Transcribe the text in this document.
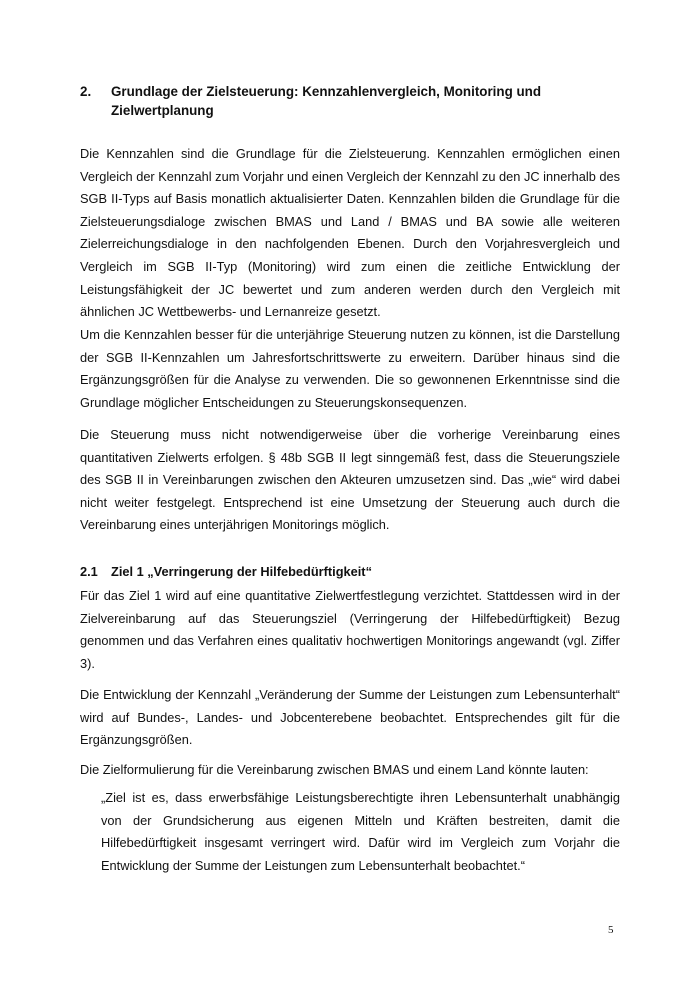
2. Grundlage der Zielsteuerung: Kennzahlenvergleich, Monitoring und Zielwertplanung

Die Kennzahlen sind die Grundlage für die Zielsteuerung. Kennzahlen ermöglichen einen Vergleich der Kennzahl zum Vorjahr und einen Vergleich der Kennzahl zu den JC innerhalb des SGB II-Typs auf Basis monatlich aktualisierter Daten. Kennzahlen bilden die Grundlage für die Zielsteuerungsdialoge zwischen BMAS und Land / BMAS und BA sowie alle weiteren Zielerreichungsdialoge in den nachfolgenden Ebenen. Durch den Vorjahresvergleich und Vergleich im SGB II-Typ (Monitoring) wird zum einen die zeitliche Entwicklung der Leistungsfähigkeit der JC bewertet und zum anderen werden durch den Vergleich mit ähnlichen JC Wettbewerbs- und Lernanreize gesetzt.

Um die Kennzahlen besser für die unterjährige Steuerung nutzen zu können, ist die Darstellung der SGB II-Kennzahlen um Jahresfortschrittswerte zu erweitern. Darüber hinaus sind die Ergänzungsgrößen für die Analyse zu verwenden. Die so gewonnenen Erkenntnisse sind die Grundlage möglicher Entscheidungen zu Steuerungskonsequenzen.

Die Steuerung muss nicht notwendigerweise über die vorherige Vereinbarung eines quantitativen Zielwerts erfolgen. § 48b SGB II legt sinngemäß fest, dass die Steuerungsziele des SGB II in Vereinbarungen zwischen den Akteuren umzusetzen sind. Das „wie“ wird dabei nicht weiter festgelegt. Entsprechend ist eine Umsetzung der Steuerung auch durch die Vereinbarung eines unterjährigen Monitorings möglich.

2.1 Ziel 1 „Verringerung der Hilfebedürftigkeit“

Für das Ziel 1 wird auf eine quantitative Zielwertfestlegung verzichtet. Stattdessen wird in der Zielvereinbarung auf das Steuerungsziel (Verringerung der Hilfebedürftigkeit) Bezug genommen und das Verfahren eines qualitativ hochwertigen Monitorings angewandt (vgl. Ziffer 3).

Die Entwicklung der Kennzahl „Veränderung der Summe der Leistungen zum Lebensunterhalt“ wird auf Bundes-, Landes- und Jobcenterebene beobachtet. Entsprechendes gilt für die Ergänzungsgrößen.

Die Zielformulierung für die Vereinbarung zwischen BMAS und einem Land könnte lauten:

„Ziel ist es, dass erwerbsfähige Leistungsberechtigte ihren Lebensunterhalt unabhängig von der Grundsicherung aus eigenen Mitteln und Kräften bestreiten, damit die Hilfebedürftigkeit insgesamt verringert wird. Dafür wird im Vergleich zum Vorjahr die Entwicklung der Summe der Leistungen zum Lebensunterhalt beobachtet.“

5
